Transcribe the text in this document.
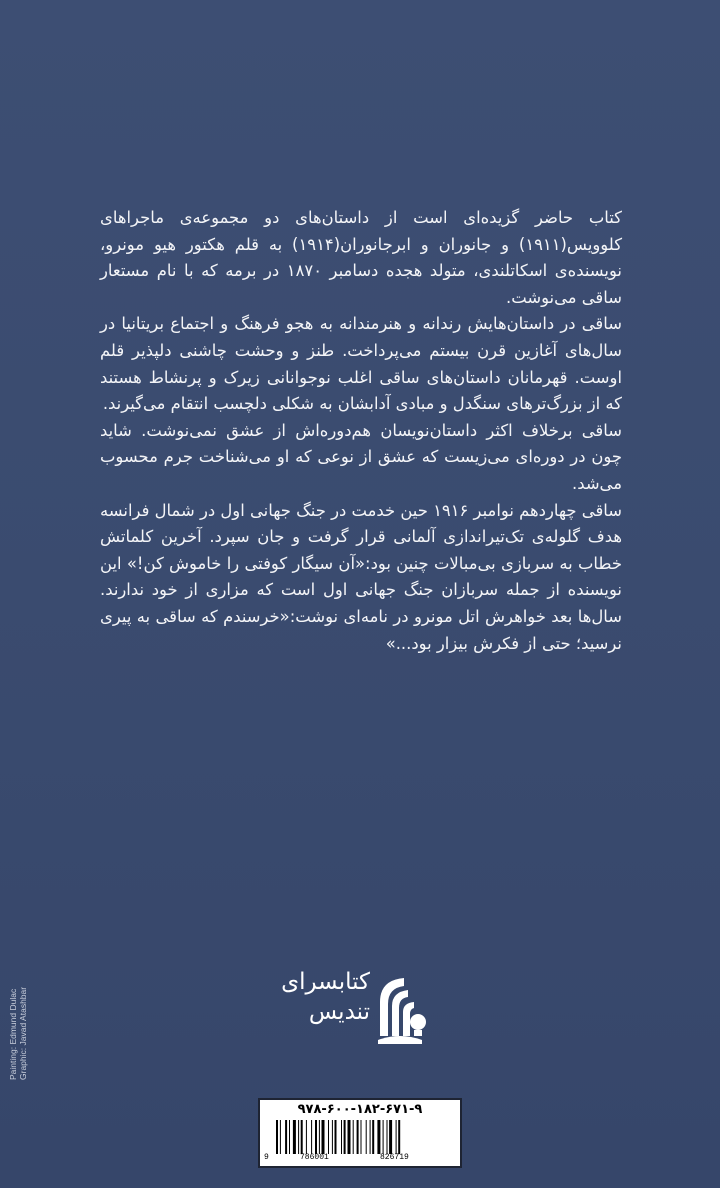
کتاب حاضر گزیده‌ای است از داستان‌های دو مجموعه‌ی ماجراهای کلوویس(۱۹۱۱) و جانوران و ابرجانوران(۱۹۱۴) به قلم هکتور هیو مونرو، نویسنده‌ی اسکاتلندی، متولد هجده دسامبر ۱۸۷۰ در برمه که با نام مستعار ساقی می‌نوشت.

ساقی در داستان‌هایش رندانه و هنرمندانه به هجو فرهنگ و اجتماع بریتانیا در سال‌های آغازین قرن بیستم می‌پرداخت. طنز و وحشت چاشنی دلپذیر قلم اوست. قهرمانان داستان‌های ساقی اغلب نوجوانانی زیرک و پرنشاط هستند که از بزرگ‌ترهای سنگدل و مبادی آدابشان به شکلی دلچسب انتقام می‌گیرند.

ساقی برخلاف اکثر داستان‌نویسان هم‌دوره‌اش از عشق نمی‌نوشت. شاید چون در دوره‌ای می‌زیست که عشق از نوعی که او می‌شناخت جرم محسوب می‌شد.

ساقی چهاردهم نوامبر ۱۹۱۶ حین خدمت در جنگ جهانی اول در شمال فرانسه هدف گلوله‌ی تک‌تیراندازی آلمانی قرار گرفت و جان سپرد. آخرین کلماتش خطاب به سربازی بی‌مبالات چنین بود:«آن سیگار کوفتی را خاموش کن!» این نویسنده از جمله سربازان جنگ جهانی اول است که مزاری از خود ندارند. سال‌ها بعد خواهرش اتل مونرو در نامه‌ای نوشت:«خرسندم که ساقی به پیری نرسید؛ حتی از فکرش بیزار بود...»

Painting: Edmund Dulac Graphic: Javad Atashbar
کتابسرای
تندیس
۹۷۸-۶۰۰-۱۸۲-۶۷۱-۹
9	786001	826719
